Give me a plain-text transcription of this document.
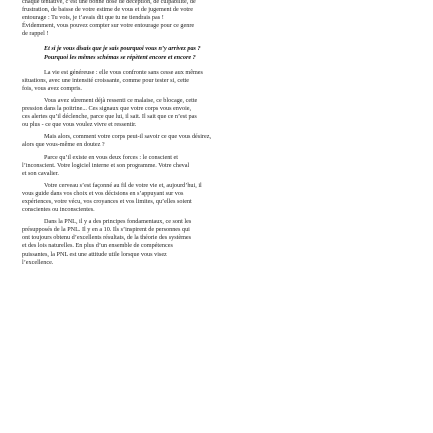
chaque tentative, c’est une bonne dose de déception, de culpabilité, de

frustration, de baisse de votre estime de vous et de jugement de votre

entourage : Tu vois, je t’avais dit que tu ne tiendrais pas !

Évidemment, vous pouvez compter sur votre entourage pour ce genre

de rappel !

Et si je vous disais que je sais pourquoi vous n’y arrivez pas ?
Pourquoi les mêmes schémas se répètent encore et encore ?

La vie est généreuse : elle vous confronte sans cesse aux mêmes

situations, avec une intensité croissante, comme pour tester si, cette

fois, vous avez compris.

Vous avez sûrement déjà ressenti ce malaise, ce blocage, cette

pression dans la poitrine... Ces signaux que votre corps vous envoie,

ces alertes qu’il déclenche, parce que lui, il sait. Il sait que ce n’est pas

ou plus - ce que vous voulez vivre et ressentir.

Mais alors, comment votre corps peut-il savoir ce que vous désirez,

alors que vous-même en doutez ?

Parce qu’il existe en vous deux forces : le conscient et

l’inconscient. Votre logiciel interne et son programme. Votre cheval

et son cavalier.

Votre cerveau s’est façonné au fil de votre vie et, aujourd’hui, il

vous guide dans vos choix et vos décisions en s’appuyant sur vos

expériences, votre vécu, vos croyances et vos limites, qu’elles soient

conscientes ou inconscientes.

Dans la PNL, il y a des principes fondamentaux, ce sont les

présupposés de la PNL. Il y en a 10. Ils s’inspirent de personnes qui

ont toujours obtenu d’excellents résultats, de la théorie des systèmes

et des lois naturelles. En plus d’un ensemble de compétences

puissantes, la PNL est une attitude utile lorsque vous visez

l’excellence.
